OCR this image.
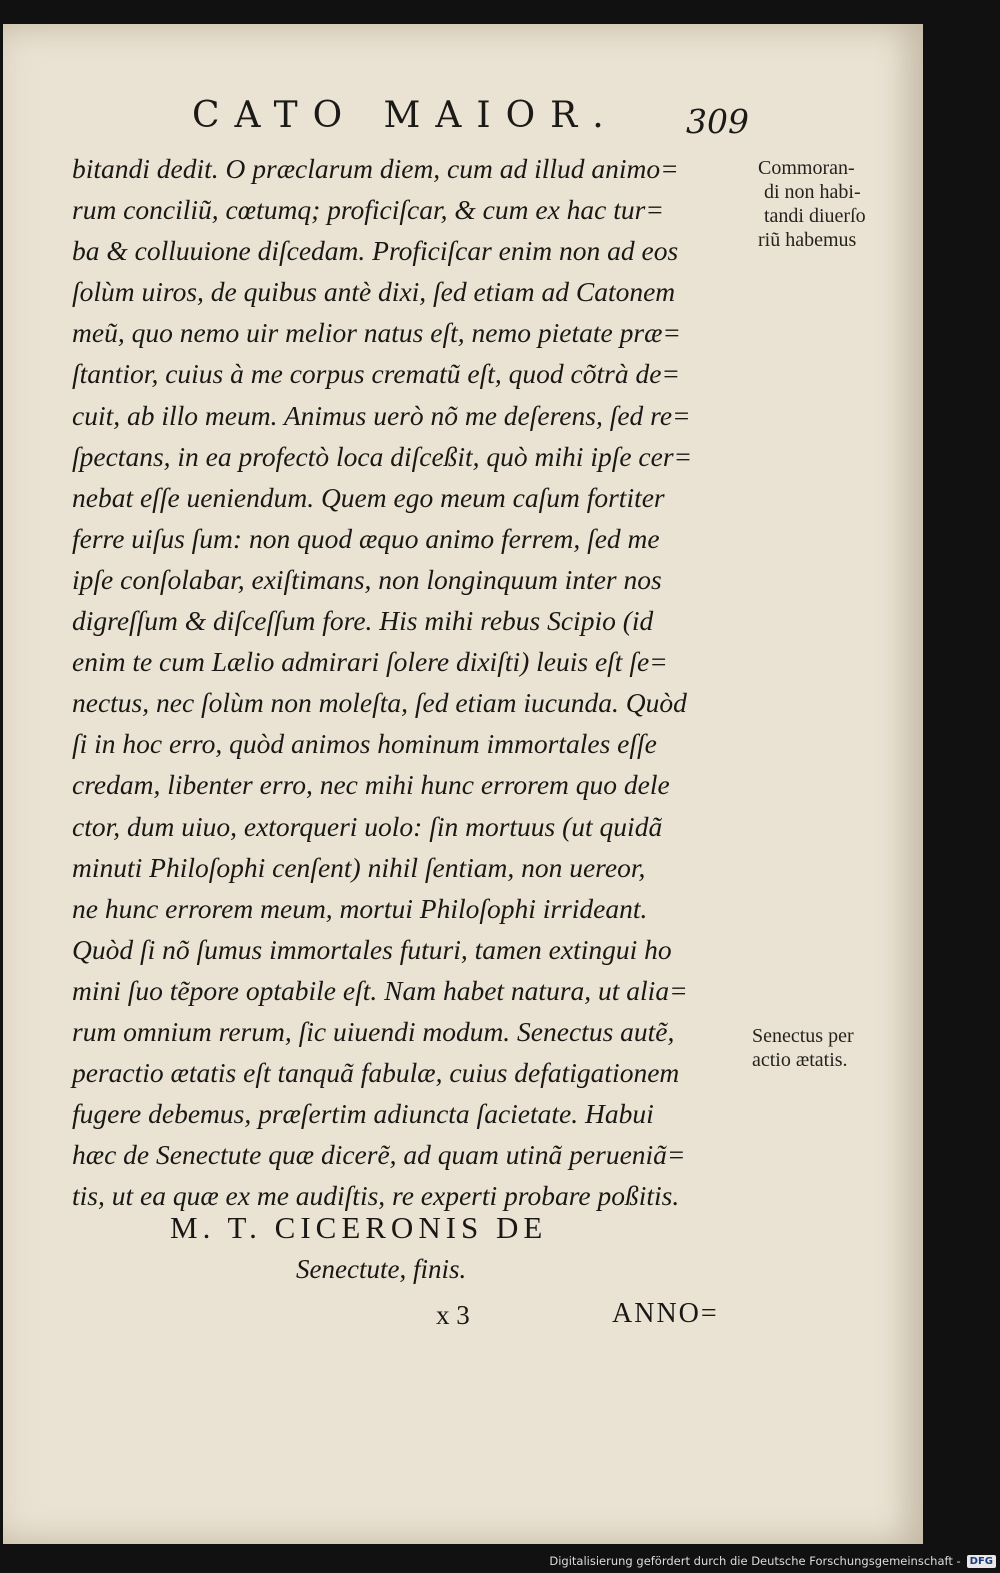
CATO MAIOR. 309
bitandi dedit. O præclarum diem, cum ad illud animo=
rum conciliũ, cœtumq; proficiſcar, & cum ex hac tur=
ba & colluuione diſcedam. Proficiſcar enim non ad eos
ſolùm uiros, de quibus antè dixi, ſed etiam ad Catonem
meũ, quo nemo uir melior natus eſt, nemo pietate præ=
ſtantior, cuius à me corpus crematũ eſt, quod cõtrà de=
cuit, ab illo meum. Animus uerò nõ me deſerens, ſed re=
ſpectans, in ea profectò loca diſceßit, quò mihi ipſe cer=
nebat eſſe ueniendum. Quem ego meum caſum fortiter
ferre uiſus ſum: non quod æquo animo ferrem, ſed me
ipſe conſolabar, exiſtimans, non longinquum inter nos
digreſſum & diſceſſum fore. His mihi rebus Scipio (id
enim te cum Lælio admirari ſolere dixiſti) leuis eſt ſe=
nectus, nec ſolùm non moleſta, ſed etiam iucunda. Quòd
ſi in hoc erro, quòd animos hominum immortales eſſe
credam, libenter erro, nec mihi hunc errorem quo dele
ctor, dum uiuo, extorqueri uolo: ſin mortuus (ut quidã
minuti Philoſophi cenſent) nihil ſentiam, non uereor,
ne hunc errorem meum, mortui Philoſophi irrideant.
Quòd ſi nõ ſumus immortales futuri, tamen extingui ho
mini ſuo tẽpore optabile eſt. Nam habet natura, ut alia=
rum omnium rerum, ſic uiuendi modum. Senectus autẽ,
peractio ætatis eſt tanquã fabulæ, cuius defatigationem
fugere debemus, præſertim adiuncta ſacietate. Habui
hæc de Senectute quæ dicerẽ, ad quam utinã perueniã=
tis, ut ea quæ ex me audiſtis, re experti probare poßitis.
Commoran-
di non habi-
tandi diuerſo
riũ habemus
Senectus per
actio ætatis.
M. T. CICERONIS DE
Senectute, finis.
x 3	ANNO=
Digitalisierung gefördert durch die Deutsche Forschungsgemeinschaft - DFG
